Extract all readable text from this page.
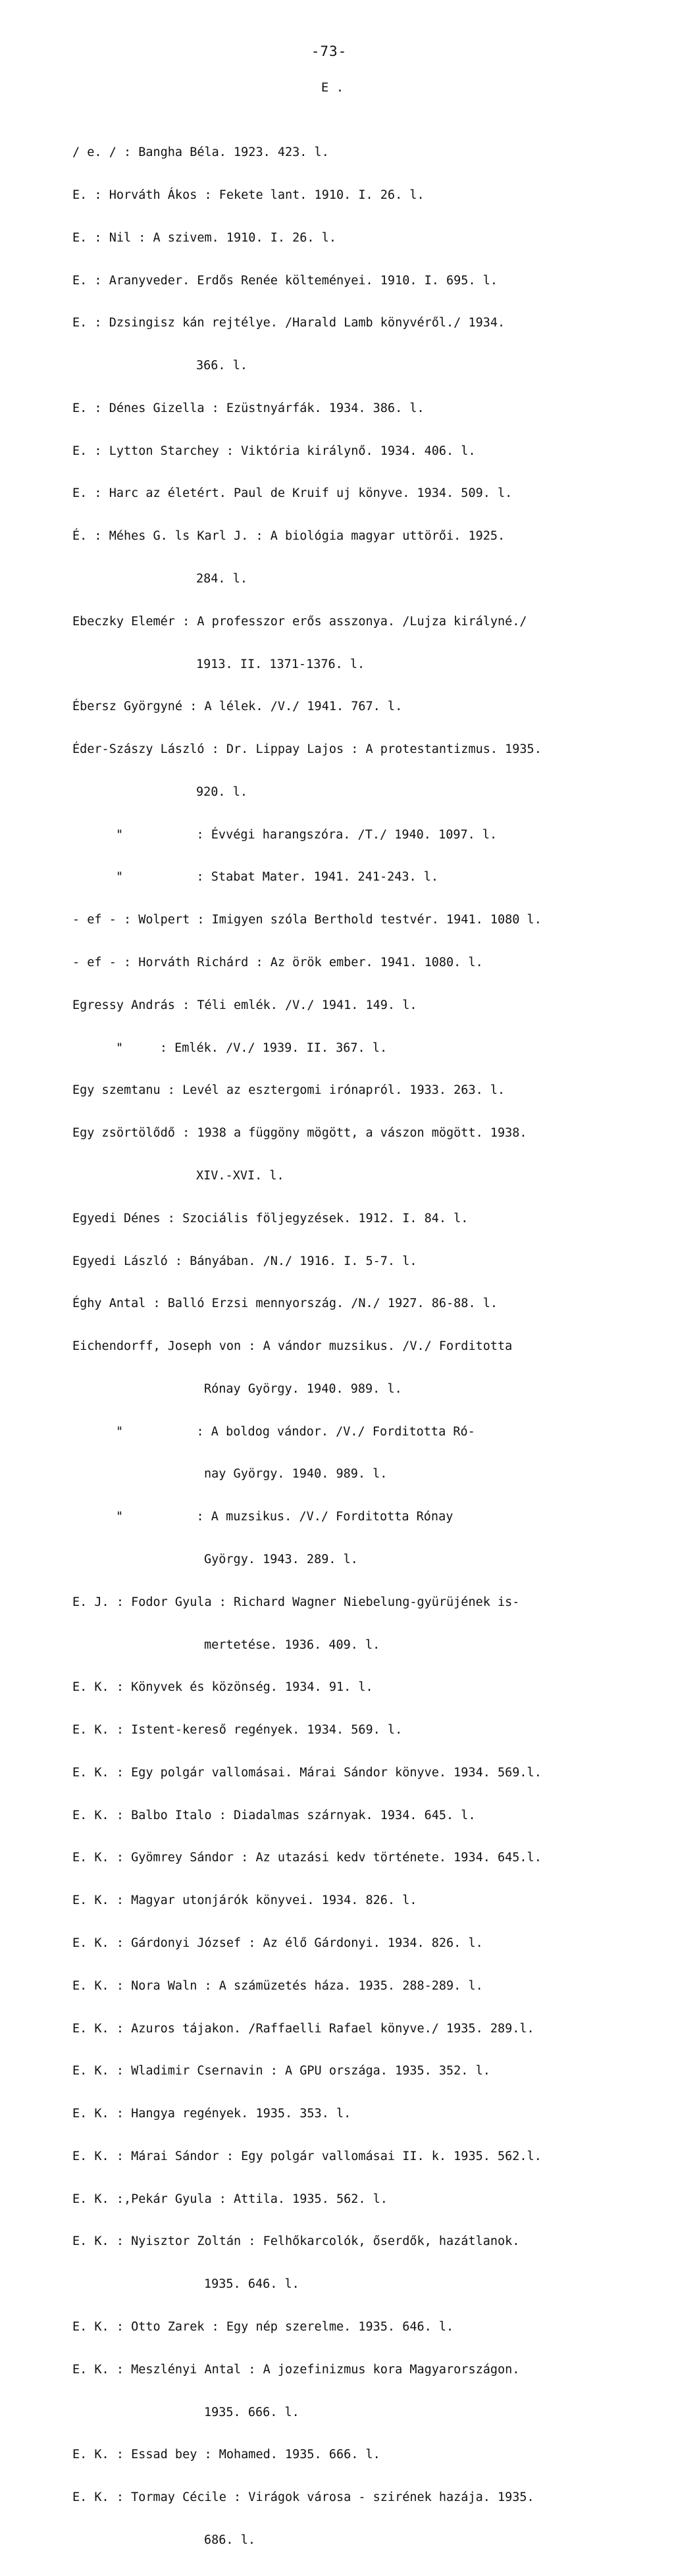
-73-
E .

/ e. / : Bangha Béla. 1923. 423. l.

E. : Horváth Ákos : Fekete lant. 1910. I. 26. l.

E. : Nil : A szivem. 1910. I. 26. l.

E. : Aranyveder. Erdős Renée költeményei. 1910. I. 695. l.

E. : Dzsingisz kán rejtélye. /Harald Lamb könyvéről./ 1934.

366. l.

E. : Dénes Gizella : Ezüstnyárfák. 1934. 386. l.

E. : Lytton Starchey : Viktória királynő. 1934. 406. l.

E. : Harc az életért. Paul de Kruif uj könyve. 1934. 509. l.

É. : Méhes G. ls Karl J. : A biológia magyar uttörői. 1925.

284. l.

Ebeczky Elemér : A professzor erős asszonya. /Lujza királyné./

1913. II. 1371-1376. l.

Ébersz Györgyné : A lélek. /V./ 1941. 767. l.

Éder-Szászy László : Dr. Lippay Lajos : A protestantizmus. 1935.

920. l.

"          : Évvégi harangszóra. /T./ 1940. 1097. l.

"          : Stabat Mater. 1941. 241-243. l.

- ef - : Wolpert : Imigyen szóla Berthold testvér. 1941. 1080 l.

- ef - : Horváth Richárd : Az örök ember. 1941. 1080. l.

Egressy András : Téli emlék. /V./ 1941. 149. l.

"     : Emlék. /V./ 1939. II. 367. l.

Egy szemtanu : Levél az esztergomi irónapról. 1933. 263. l.

Egy zsörtölődő : 1938 a függöny mögött, a vászon mögött. 1938.

XIV.-XVI. l.

Egyedi Dénes : Szociális följegyzések. 1912. I. 84. l.

Egyedi László : Bányában. /N./ 1916. I. 5-7. l.

Éghy Antal : Balló Erzsi mennyország. /N./ 1927. 86-88. l.

Eichendorff, Joseph von : A vándor muzsikus. /V./ Forditotta

Rónay György. 1940. 989. l.

"          : A boldog vándor. /V./ Forditotta Ró-

nay György. 1940. 989. l.

"          : A muzsikus. /V./ Forditotta Rónay

György. 1943. 289. l.

E. J. : Fodor Gyula : Richard Wagner Niebelung-gyürüjének is-

mertetése. 1936. 409. l.

E. K. : Könyvek és közönség. 1934. 91. l.

E. K. : Istent-kereső regények. 1934. 569. l.

E. K. : Egy polgár vallomásai. Márai Sándor könyve. 1934. 569.l.

E. K. : Balbo Italo : Diadalmas szárnyak. 1934. 645. l.

E. K. : Gyömrey Sándor : Az utazási kedv története. 1934. 645.l.

E. K. : Magyar utonjárók könyvei. 1934. 826. l.

E. K. : Gárdonyi József : Az élő Gárdonyi. 1934. 826. l.

E. K. : Nora Waln : A számüzetés háza. 1935. 288-289. l.

E. K. : Azuros tájakon. /Raffaelli Rafael könyve./ 1935. 289.l.

E. K. : Wladimir Csernavin : A GPU országa. 1935. 352. l.

E. K. : Hangya regények. 1935. 353. l.

E. K. : Márai Sándor : Egy polgár vallomásai II. k. 1935. 562.l.

E. K. :,Pekár Gyula : Attila. 1935. 562. l.

E. K. : Nyisztor Zoltán : Felhőkarcolók, őserdők, hazátlanok.

1935. 646. l.

E. K. : Otto Zarek : Egy nép szerelme. 1935. 646. l.

E. K. : Meszlényi Antal : A jozefinizmus kora Magyarországon.

1935. 666. l.

E. K. : Essad bey : Mohamed. 1935. 666. l.

E. K. : Tormay Cécile : Virágok városa - szirének hazája. 1935.

686. l.
